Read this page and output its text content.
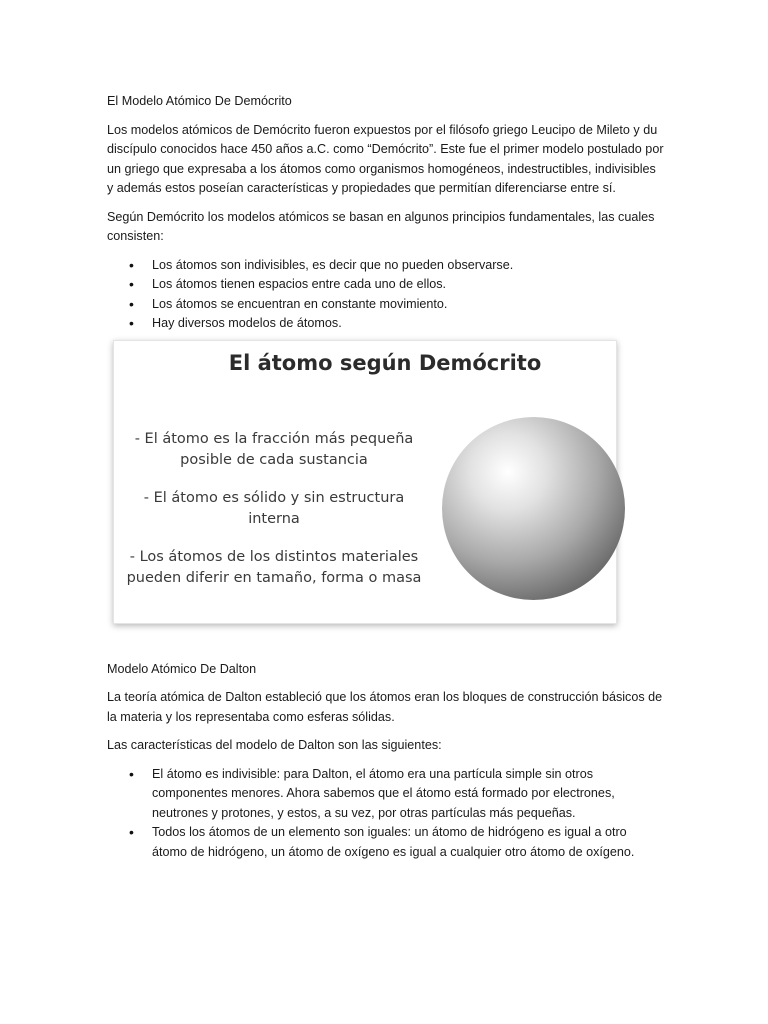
El Modelo Atómico De Demócrito

Los modelos atómicos de Demócrito fueron expuestos por el filósofo griego Leucipo de Mileto y du discípulo conocidos hace 450 años a.C. como “Demócrito”. Este fue el primer modelo postulado por un griego que expresaba a los átomos como organismos homogéneos, indestructibles, indivisibles y además estos poseían características y propiedades que permitían diferenciarse entre sí.

Según Demócrito los modelos atómicos se basan en algunos principios fundamentales, las cuales consisten:

• Los átomos son indivisibles, es decir que no pueden observarse.
• Los átomos tienen espacios entre cada uno de ellos.
• Los átomos se encuentran en constante movimiento.
• Hay diversos modelos de átomos.
El átomo según Demócrito
- El átomo es la fracción más pequeña posible de cada sustancia
- El átomo es sólido y sin estructura interna
- Los átomos de los distintos materiales pueden diferir en tamaño, forma o masa
Modelo Atómico De Dalton

La teoría atómica de Dalton estableció que los átomos eran los bloques de construcción básicos de la materia y los representaba como esferas sólidas.

Las características del modelo de Dalton son las siguientes:

• El átomo es indivisible: para Dalton, el átomo era una partícula simple sin otros componentes menores. Ahora sabemos que el átomo está formado por electrones, neutrones y protones, y estos, a su vez, por otras partículas más pequeñas.
• Todos los átomos de un elemento son iguales: un átomo de hidrógeno es igual a otro átomo de hidrógeno, un átomo de oxígeno es igual a cualquier otro átomo de oxígeno.
